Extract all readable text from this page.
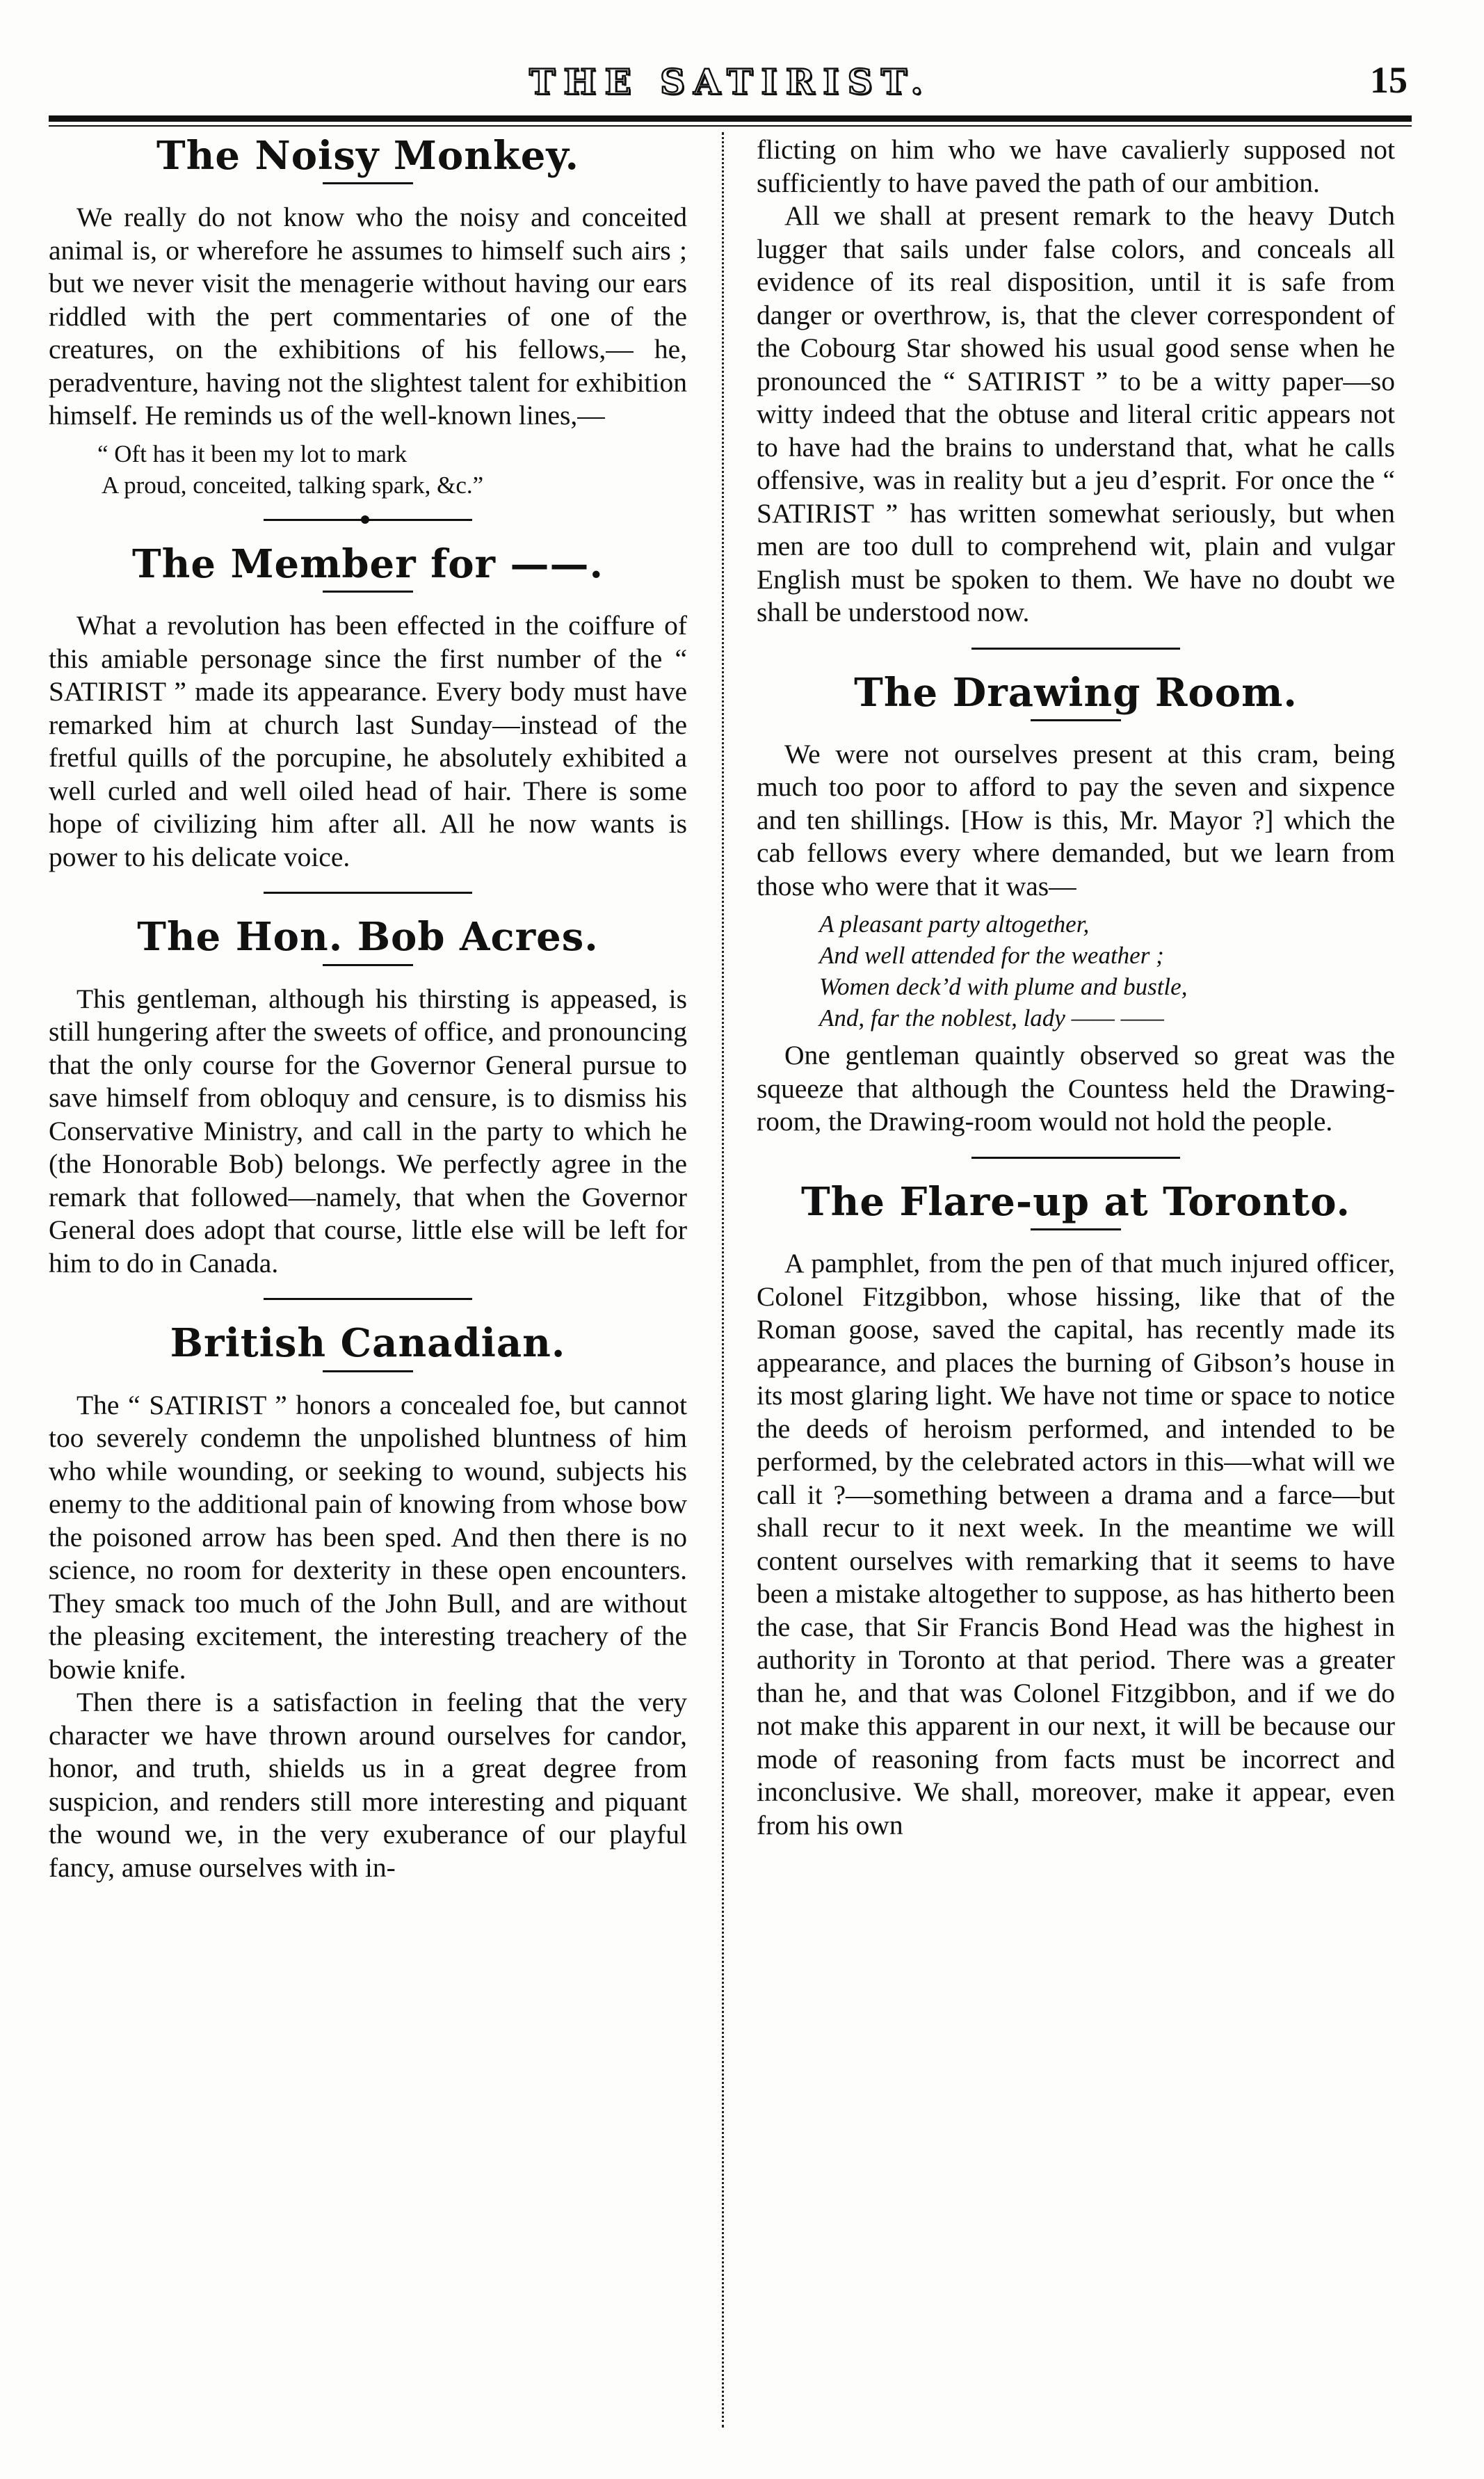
THE SATIRIST.	15
The Noisy Monkey.

We really do not know who the noisy and conceited animal is, or wherefore he assumes to himself such airs ; but we never visit the menagerie without having our ears riddled with the pert commentaries of one of the creatures, on the exhibitions of his fellows,— he, peradventure, having not the slightest talent for exhibition himself. He reminds us of the well-known lines,—

“ Oft has it been my lot to mark
A proud, conceited, talking spark, &c.”
The Member for ——.

What a revolution has been effected in the coiffure of this amiable personage since the first number of the “ SATIRIST ” made its appearance. Every body must have remarked him at church last Sunday—instead of the fretful quills of the porcupine, he absolutely exhibited a well curled and well oiled head of hair. There is some hope of civilizing him after all. All he now wants is power to his delicate voice.

The Hon. Bob Acres.

This gentleman, although his thirsting is appeased, is still hungering after the sweets of office, and pronouncing that the only course for the Governor General pursue to save himself from obloquy and censure, is to dismiss his Conservative Ministry, and call in the party to which he (the Honorable Bob) belongs. We perfectly agree in the remark that followed—namely, that when the Governor General does adopt that course, little else will be left for him to do in Canada.

British Canadian.

The “ SATIRIST ” honors a concealed foe, but cannot too severely condemn the unpolished bluntness of him who while wounding, or seeking to wound, subjects his enemy to the additional pain of knowing from whose bow the poisoned arrow has been sped. And then there is no science, no room for dexterity in these open encounters. They smack too much of the John Bull, and are without the pleasing excitement, the interesting treachery of the bowie knife.

Then there is a satisfaction in feeling that the very character we have thrown around ourselves for candor, honor, and truth, shields us in a great degree from suspicion, and renders still more interesting and piquant the wound we, in the very exuberance of our playful fancy, amuse ourselves with in-

flicting on him who we have cavalierly supposed not sufficiently to have paved the path of our ambition.

All we shall at present remark to the heavy Dutch lugger that sails under false colors, and conceals all evidence of its real disposition, until it is safe from danger or overthrow, is, that the clever correspondent of the Cobourg Star showed his usual good sense when he pronounced the “ SATIRIST ” to be a witty paper—so witty indeed that the obtuse and literal critic appears not to have had the brains to understand that, what he calls offensive, was in reality but a jeu d’esprit. For once the “ SATIRIST ” has written somewhat seriously, but when men are too dull to comprehend wit, plain and vulgar English must be spoken to them. We have no doubt we shall be understood now.

The Drawing Room.

We were not ourselves present at this cram, being much too poor to afford to pay the seven and sixpence and ten shillings. [How is this, Mr. Mayor ?] which the cab fellows every where demanded, but we learn from those who were that it was—

A pleasant party altogether,
And well attended for the weather ;
Women deck’d with plume and bustle,
And, far the noblest, lady —— ——

One gentleman quaintly observed so great was the squeeze that although the Countess held the Drawing-room, the Drawing-room would not hold the people.

The Flare-up at Toronto.

A pamphlet, from the pen of that much injured officer, Colonel Fitzgibbon, whose hissing, like that of the Roman goose, saved the capital, has recently made its appearance, and places the burning of Gibson’s house in its most glaring light. We have not time or space to notice the deeds of heroism performed, and intended to be performed, by the celebrated actors in this—what will we call it ?—something between a drama and a farce—but shall recur to it next week. In the meantime we will content ourselves with remarking that it seems to have been a mistake altogether to suppose, as has hitherto been the case, that Sir Francis Bond Head was the highest in authority in Toronto at that period. There was a greater than he, and that was Colonel Fitzgibbon, and if we do not make this apparent in our next, it will be because our mode of reasoning from facts must be incorrect and inconclusive. We shall, moreover, make it appear, even from his own
